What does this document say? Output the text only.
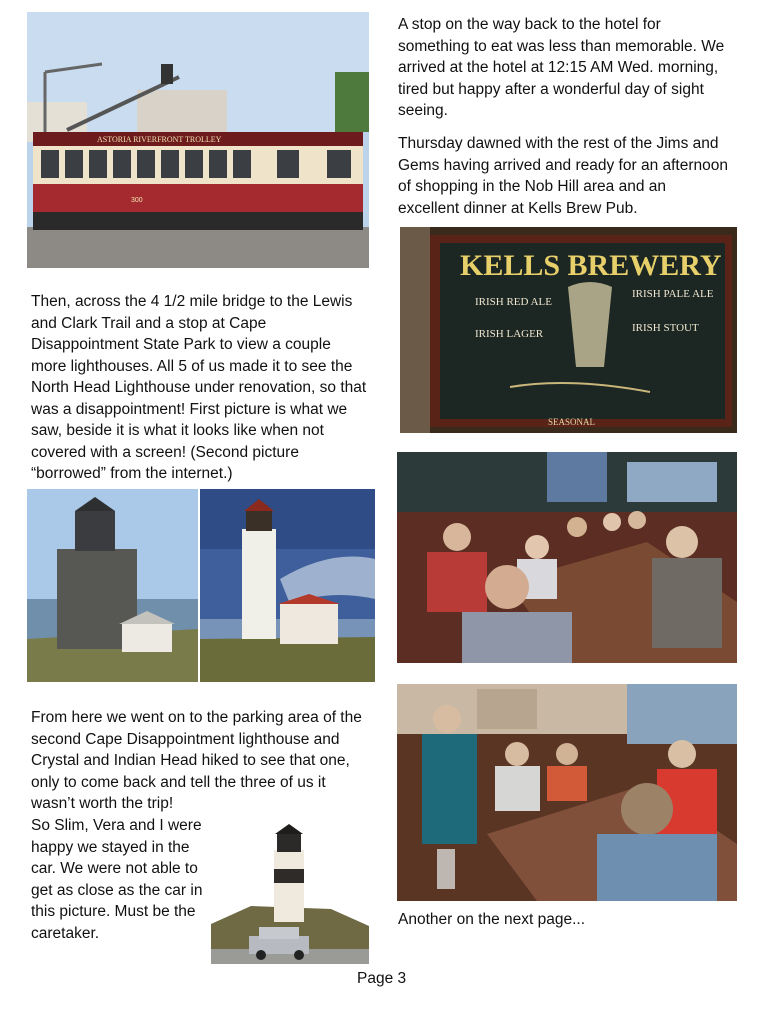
ASTORIA RIVERFRONT TROLLEY
300

A stop on the way back to the hotel for something to eat was less than memorable. We arrived at the hotel at 12:15 AM Wed. morning, tired but happy after a wonderful day of sight seeing.

Thursday dawned with the rest of the Jims and Gems having arrived and ready for an afternoon of shopping in the Nob Hill area and an excellent dinner at Kells Brew Pub.

KELLS BREWERY
IRISH RED ALE
IRISH PALE ALE
IRISH LAGER	IRISH STOUT
SEASONAL

Then, across the 4 1/2 mile bridge to the Lewis and Clark Trail and a stop at Cape Disappointment State Park to view a couple more lighthouses. All 5 of us made it to see the North Head Lighthouse under renovation, so that was a disappointment! First picture is what we saw, beside it is what it looks like when not covered with a screen! (Second picture “borrowed” from the internet.)

From here we went on to the parking area of the second Cape Disappointment lighthouse and Crystal and Indian Head hiked to see that one, only to come back and tell the three of us it wasn’t worth the trip!

So Slim, Vera and I were happy we stayed in the car. We were not able to get as close as the car in this picture. Must be the caretaker.

Another on the next page...
Page 3
